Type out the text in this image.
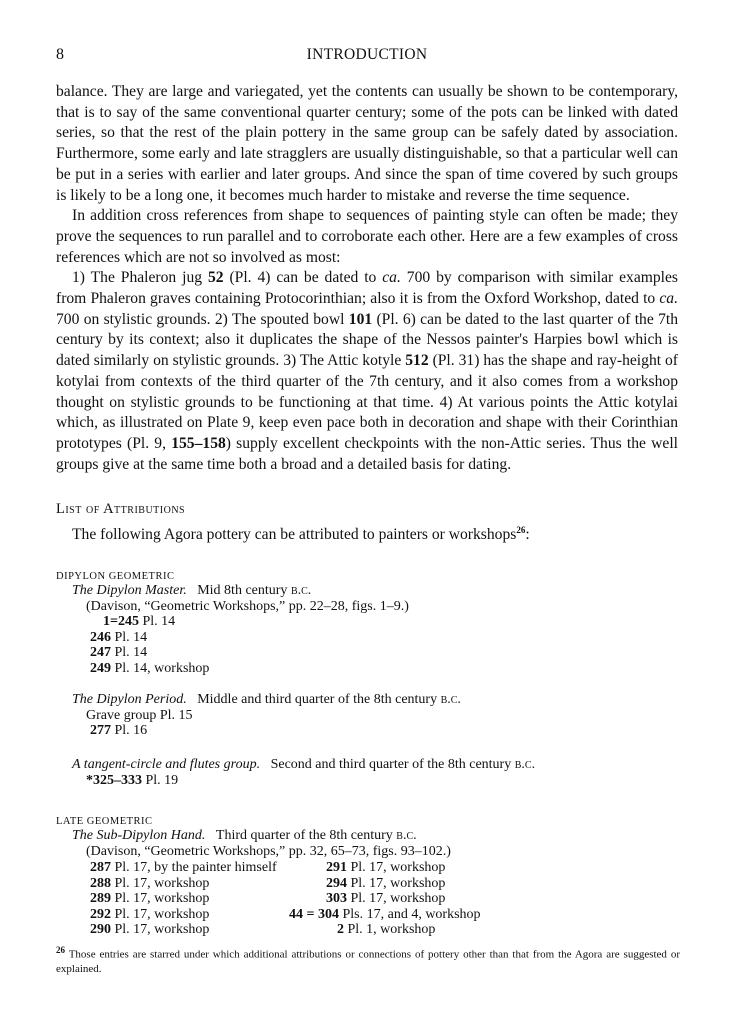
8	INTRODUCTION

balance. They are large and variegated, yet the contents can usually be shown to be contemporary, that is to say of the same conventional quarter century; some of the pots can be linked with dated series, so that the rest of the plain pottery in the same group can be safely dated by association. Furthermore, some early and late stragglers are usually distinguishable, so that a particular well can be put in a series with earlier and later groups. And since the span of time covered by such groups is likely to be a long one, it becomes much harder to mistake and reverse the time sequence.

In addition cross references from shape to sequences of painting style can often be made; they prove the sequences to run parallel and to corroborate each other. Here are a few examples of cross references which are not so involved as most:

1) The Phaleron jug 52 (Pl. 4) can be dated to ca. 700 by comparison with similar examples from Phaleron graves containing Protocorinthian; also it is from the Oxford Workshop, dated to ca. 700 on stylistic grounds. 2) The spouted bowl 101 (Pl. 6) can be dated to the last quarter of the 7th century by its context; also it duplicates the shape of the Nessos painter's Harpies bowl which is dated similarly on stylistic grounds. 3) The Attic kotyle 512 (Pl. 31) has the shape and ray-height of kotylai from contexts of the third quarter of the 7th century, and it also comes from a workshop thought on stylistic grounds to be functioning at that time. 4) At various points the Attic kotylai which, as illustrated on Plate 9, keep even pace both in decoration and shape with their Corinthian prototypes (Pl. 9, 155–158) supply excellent checkpoints with the non-Attic series. Thus the well groups give at the same time both a broad and a detailed basis for dating.

List of Attributions
The following Agora pottery can be attributed to painters or workshops$^{26}$:
DIPYLON GEOMETRIC
The Dipylon Master. Mid 8th century b.c.
(Davison, “Geometric Workshops,” pp. 22–28, figs. 1–9.)
1=245 Pl. 14
246 Pl. 14
247 Pl. 14
249 Pl. 14, workshop
The Dipylon Period. Middle and third quarter of the 8th century b.c.
Grave group Pl. 15
277 Pl. 16
A tangent-circle and flutes group. Second and third quarter of the 8th century b.c.
*325–333 Pl. 19
LATE GEOMETRIC
The Sub-Dipylon Hand. Third quarter of the 8th century b.c.
(Davison, “Geometric Workshops,” pp. 32, 65–73, figs. 93–102.)
287 Pl. 17, by the painter himself
288 Pl. 17, workshop
289 Pl. 17, workshop
292 Pl. 17, workshop
290 Pl. 17, workshop
291 Pl. 17, workshop
294 Pl. 17, workshop
303 Pl. 17, workshop
44 = 304 Pls. 17, and 4, workshop
2 Pl. 1, workshop
$^{26}$ Those entries are starred under which additional attributions or connections of pottery other than that from the Agora are suggested or explained.
